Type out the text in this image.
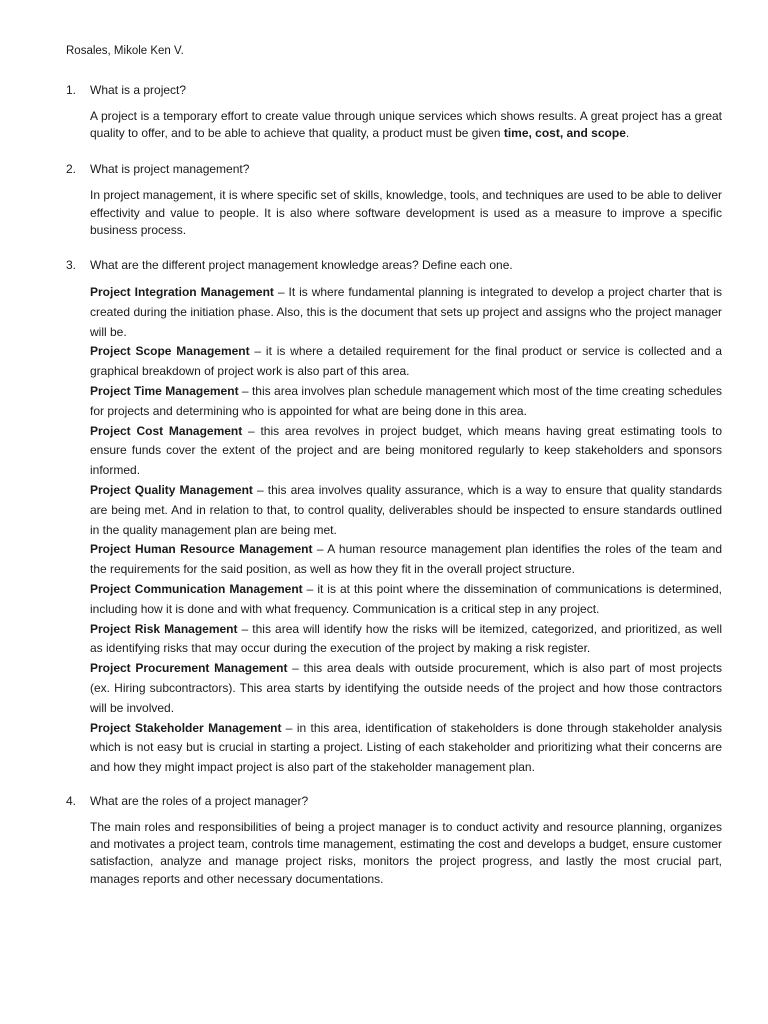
Rosales, Mikole Ken V.
1.	What is a project?
A project is a temporary effort to create value through unique services which shows results. A great project has a great quality to offer, and to be able to achieve that quality, a product must be given time, cost, and scope.
2.	What is project management?
In project management, it is where specific set of skills, knowledge, tools, and techniques are used to be able to deliver effectivity and value to people. It is also where software development is used as a measure to improve a specific business process.
3.	What are the different project management knowledge areas? Define each one.

Project Integration Management – It is where fundamental planning is integrated to develop a project charter that is created during the initiation phase. Also, this is the document that sets up project and assigns who the project manager will be.

Project Scope Management – it is where a detailed requirement for the final product or service is collected and a graphical breakdown of project work is also part of this area.

Project Time Management – this area involves plan schedule management which most of the time creating schedules for projects and determining who is appointed for what are being done in this area.

Project Cost Management – this area revolves in project budget, which means having great estimating tools to ensure funds cover the extent of the project and are being monitored regularly to keep stakeholders and sponsors informed.

Project Quality Management – this area involves quality assurance, which is a way to ensure that quality standards are being met. And in relation to that, to control quality, deliverables should be inspected to ensure standards outlined in the quality management plan are being met.

Project Human Resource Management – A human resource management plan identifies the roles of the team and the requirements for the said position, as well as how they fit in the overall project structure.

Project Communication Management – it is at this point where the dissemination of communications is determined, including how it is done and with what frequency. Communication is a critical step in any project.

Project Risk Management – this area will identify how the risks will be itemized, categorized, and prioritized, as well as identifying risks that may occur during the execution of the project by making a risk register.

Project Procurement Management – this area deals with outside procurement, which is also part of most projects (ex. Hiring subcontractors). This area starts by identifying the outside needs of the project and how those contractors will be involved.

Project Stakeholder Management – in this area, identification of stakeholders is done through stakeholder analysis which is not easy but is crucial in starting a project. Listing of each stakeholder and prioritizing what their concerns are and how they might impact project is also part of the stakeholder management plan.

4.	What are the roles of a project manager?
The main roles and responsibilities of being a project manager is to conduct activity and resource planning, organizes and motivates a project team, controls time management, estimating the cost and develops a budget, ensure customer satisfaction, analyze and manage project risks, monitors the project progress, and lastly the most crucial part, manages reports and other necessary documentations.
